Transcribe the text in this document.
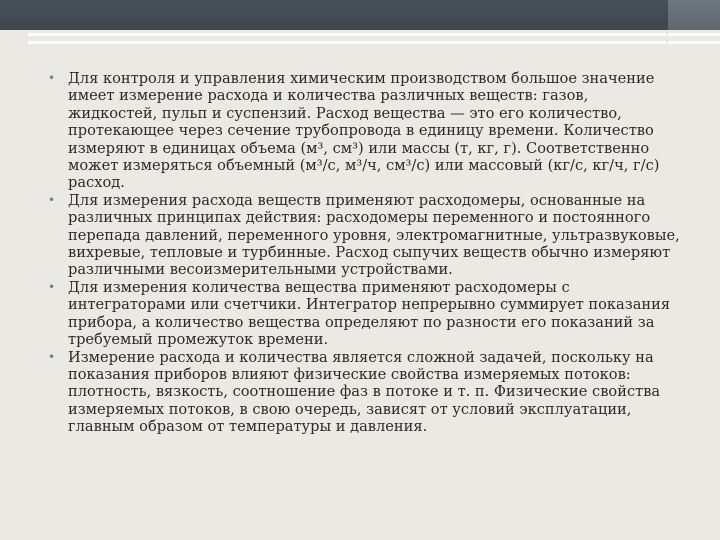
• Для контроля и управления химическим производством большое значение имеет измерение расхода и количества различных веществ: газов, жидкостей, пульп и суспензий. Расход вещества — это его количество, протекающее через сечение трубопровода в единицу времени. Количество измеряют в единицах объема (м³, см³) или массы (т, кг, г). Соответственно может измеряться объемный (м³/с, м³/ч, см³/с) или массовый (кг/с, кг/ч, г/с) расход.
• Для измерения расхода веществ применяют расходомеры, основанные на различных принципах действия: расходомеры переменного и постоянного перепада давлений, переменного уровня, электромагнитные, ультразвуковые, вихревые, тепловые и турбинные. Расход сыпучих веществ обычно измеряют различными весоизмерительными устройствами.
• Для измерения количества вещества применяют расходомеры с интеграторами или счетчики. Интегратор непрерывно суммирует показания прибора, а количество вещества определяют по разности его показаний за требуемый промежуток времени.
• Измерение расхода и количества является сложной задачей, поскольку на показания приборов влияют физические свойства измеряемых потоков: плотность, вязкость, соотношение фаз в потоке и т. п. Физические свойства измеряемых потоков, в свою очередь, зависят от условий эксплуатации, главным образом от температуры и давления.
